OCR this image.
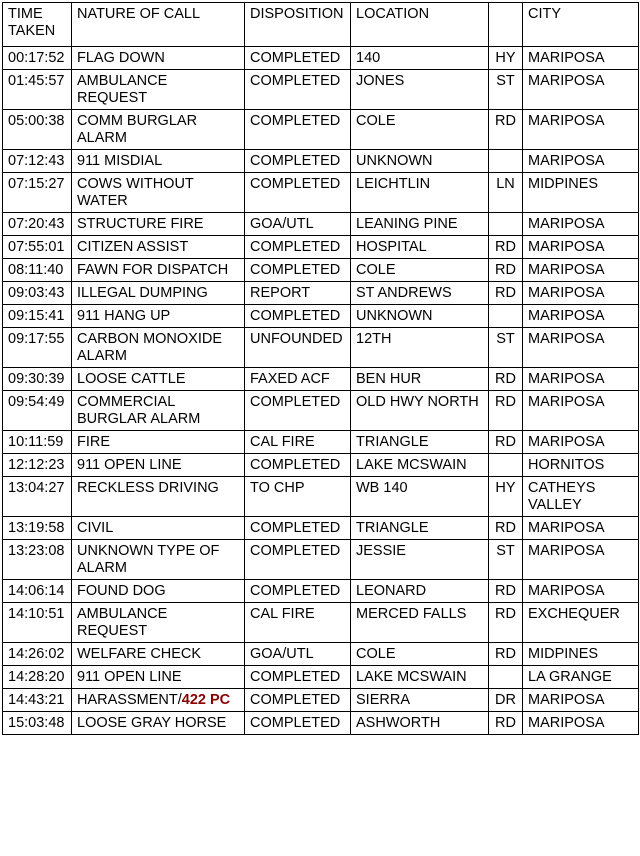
TIME TAKEN	NATURE OF CALL	DISPOSITION	LOCATION		CITY
00:17:52	FLAG DOWN	COMPLETED	140	HY	MARIPOSA
01:45:57	AMBULANCE REQUEST	COMPLETED	JONES	ST	MARIPOSA
05:00:38	COMM BURGLAR ALARM	COMPLETED	COLE	RD	MARIPOSA
07:12:43	911 MISDIAL	COMPLETED	UNKNOWN		MARIPOSA
07:15:27	COWS WITHOUT WATER	COMPLETED	LEICHTLIN	LN	MIDPINES
07:20:43	STRUCTURE FIRE	GOA/UTL	LEANING PINE		MARIPOSA
07:55:01	CITIZEN ASSIST	COMPLETED	HOSPITAL	RD	MARIPOSA
08:11:40	FAWN FOR DISPATCH	COMPLETED	COLE	RD	MARIPOSA
09:03:43	ILLEGAL DUMPING	REPORT	ST ANDREWS	RD	MARIPOSA
09:15:41	911 HANG UP	COMPLETED	UNKNOWN		MARIPOSA
09:17:55	CARBON MONOXIDE ALARM	UNFOUNDED	12TH	ST	MARIPOSA
09:30:39	LOOSE CATTLE	FAXED ACF	BEN HUR	RD	MARIPOSA
09:54:49	COMMERCIAL BURGLAR ALARM	COMPLETED	OLD HWY NORTH	RD	MARIPOSA
10:11:59	FIRE	CAL FIRE	TRIANGLE	RD	MARIPOSA
12:12:23	911 OPEN LINE	COMPLETED	LAKE MCSWAIN		HORNITOS
13:04:27	RECKLESS DRIVING	TO CHP	WB 140	HY	CATHEYS VALLEY
13:19:58	CIVIL	COMPLETED	TRIANGLE	RD	MARIPOSA
13:23:08	UNKNOWN TYPE OF ALARM	COMPLETED	JESSIE	ST	MARIPOSA
14:06:14	FOUND DOG	COMPLETED	LEONARD	RD	MARIPOSA
14:10:51	AMBULANCE REQUEST	CAL FIRE	MERCED FALLS	RD	EXCHEQUER
14:26:02	WELFARE CHECK	GOA/UTL	COLE	RD	MIDPINES
14:28:20	911 OPEN LINE	COMPLETED	LAKE MCSWAIN		LA GRANGE
14:43:21	HARASSMENT/422 PC	COMPLETED	SIERRA	DR	MARIPOSA
15:03:48	LOOSE GRAY HORSE	COMPLETED	ASHWORTH	RD	MARIPOSA
